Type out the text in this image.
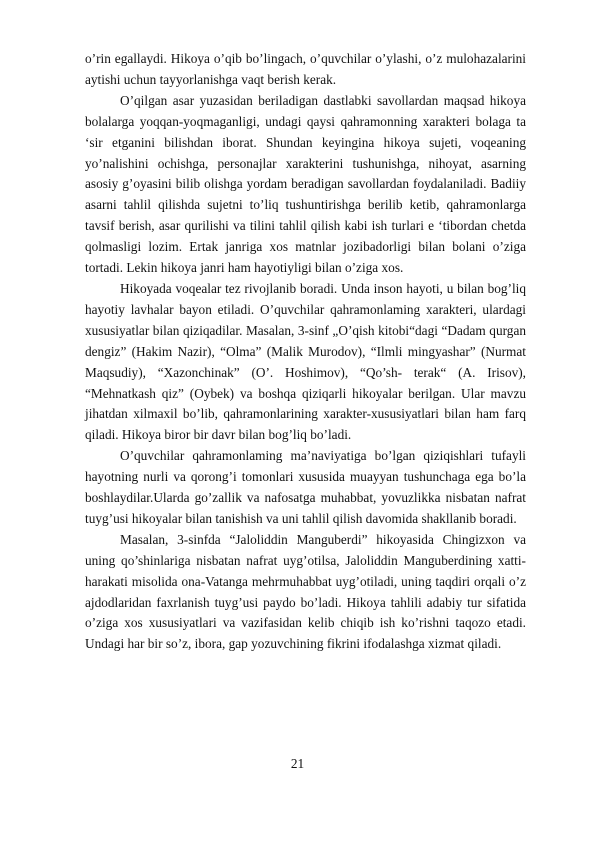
o’rin egallaydi. Hikoya o’qib bo’lingach, o’quvchilar o’ylashi, o’z mulohazalarini aytishi uchun tayyorlanishga vaqt berish kerak.

O’qilgan asar yuzasidan beriladigan dastlabki savollardan maqsad hikoya bolalarga yoqqan-yoqmaganligi, undagi qaysi qahramonning xarakteri bolaga ta ‘sir etganini bilishdan iborat. Shundan keyingina hikoya sujeti, voqeaning yo’nalishini ochishga, personajlar xarakterini tushunishga, nihoyat, asarning asosiy g’oyasini bilib olishga yordam beradigan savollardan foydalaniladi. Badiiy asarni tahlil qilishda sujetni to’liq tushuntirishga berilib ketib, qahramonlarga tavsif berish, asar qurilishi va tilini tahlil qilish kabi ish turlari e ‘tibordan chetda qolmasligi lozim. Ertak janriga xos matnlar jozibadorligi bilan bolani o’ziga tortadi. Lekin hikoya janri ham hayotiyligi bilan o’ziga xos.

Hikoyada voqealar tez rivojlanib boradi. Unda inson hayoti, u bilan bog’liq hayotiy lavhalar bayon etiladi. O’quvchilar qahramonlaming xarakteri, ulardagi xususiyatlar bilan qiziqadilar. Masalan, 3-sinf „O’qish kitobi“dagi “Dadam qurgan dengiz” (Hakim Nazir), “Olma” (Malik Murodov), “Ilmli mingyashar” (Nurmat Maqsudiy), “Xazonchinak” (O’. Hoshimov), “Qo’sh- terak“ (A. Irisov), “Mehnatkash qiz” (Oybek) va boshqa qiziqarli hikoyalar berilgan. Ular mavzu jihatdan xilmaxil bo’lib, qahramonlarining xarakter-xususiyatlari bilan ham farq qiladi. Hikoya biror bir davr bilan bog’liq bo’ladi.

O’quvchilar qahramonlaming ma’naviyatiga bo’lgan qiziqishlari tufayli hayotning nurli va qorong’i tomonlari xususida muayyan tushunchaga ega bo’la boshlaydilar.Ularda go’zallik va nafosatga muhabbat, yovuzlikka nisbatan nafrat tuyg’usi hikoyalar bilan tanishish va uni tahlil qilish davomida shakllanib boradi.

Masalan, 3-sinfda “Jaloliddin Manguberdi” hikoyasida Chingizxon va uning qo’shinlariga nisbatan nafrat uyg’otilsa, Jaloliddin Manguberdining xatti-harakati misolida ona-Vatanga mehrmuhabbat uyg’otiladi, uning taqdiri orqali o’z ajdodlaridan faxrlanish tuyg’usi paydo bo’ladi. Hikoya tahlili adabiy tur sifatida o’ziga xos xususiyatlari va vazifasidan kelib chiqib ish ko’rishni taqozo etadi. Undagi har bir so’z, ibora, gap yozuvchining fikrini ifodalashga xizmat qiladi.

21
